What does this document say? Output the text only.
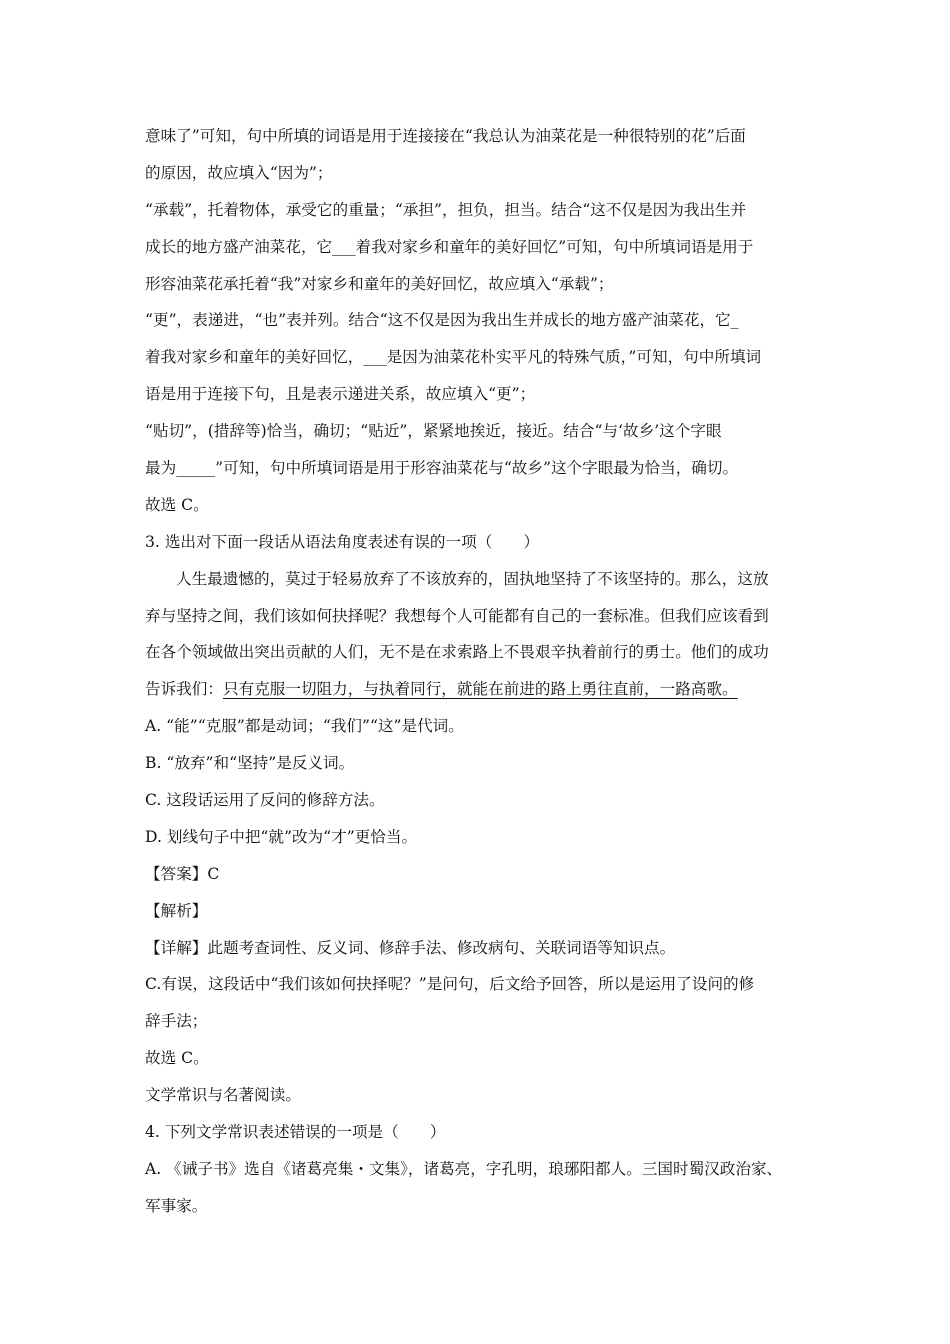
意味了”可知，句中所填的词语是用于连接接在“我总认为油菜花是一种很特别的花”后面
的原因，故应填入“因为”；
“承载”，托着物体，承受它的重量；“承担”，担负，担当。结合“这不仅是因为我出生并
成长的地方盛产油菜花，它___着我对家乡和童年的美好回忆”可知，句中所填词语是用于
形容油菜花承托着“我”对家乡和童年的美好回忆，故应填入“承载”；
“更”，表递进，“也”表并列。结合“这不仅是因为我出生并成长的地方盛产油菜花，它_
着我对家乡和童年的美好回忆，___是因为油菜花朴实平凡的特殊气质，”可知，句中所填词
语是用于连接下句，且是表示递进关系，故应填入“更”；
“贴切”，(措辞等)恰当，确切；“贴近”，紧紧地挨近，接近。结合“与‘故乡’这个字眼
最为_____”可知，句中所填词语是用于形容油菜花与“故乡”这个字眼最为恰当，确切。
故选 C。
3. 选出对下面一段话从语法角度表述有误的一项（　　）
人生最遗憾的，莫过于轻易放弃了不该放弃的，固执地坚持了不该坚持的。那么，这放
弃与坚持之间，我们该如何抉择呢？我想每个人可能都有自己的一套标准。但我们应该看到
在各个领域做出突出贡献的人们，无不是在求索路上不畏艰辛执着前行的勇士。他们的成功
告诉我们：只有克服一切阻力，与执着同行，就能在前进的路上勇往直前，一路高歌。
A. “能”“克服”都是动词；“我们”“这”是代词。
B. “放弃”和“坚持”是反义词。
C. 这段话运用了反问的修辞方法。
D. 划线句子中把“就”改为“才”更恰当。
【答案】C
【解析】
【详解】此题考查词性、反义词、修辞手法、修改病句、关联词语等知识点。
C.有误，这段话中“我们该如何抉择呢？”是问句，后文给予回答，所以是运用了设问的修
辞手法；
故选 C。
文学常识与名著阅读。
4. 下列文学常识表述错误的一项是（　　）
A. 《诫子书》选自《诸葛亮集・文集》，诸葛亮，字孔明，琅琊阳都人。三国时蜀汉政治家、
军事家。
